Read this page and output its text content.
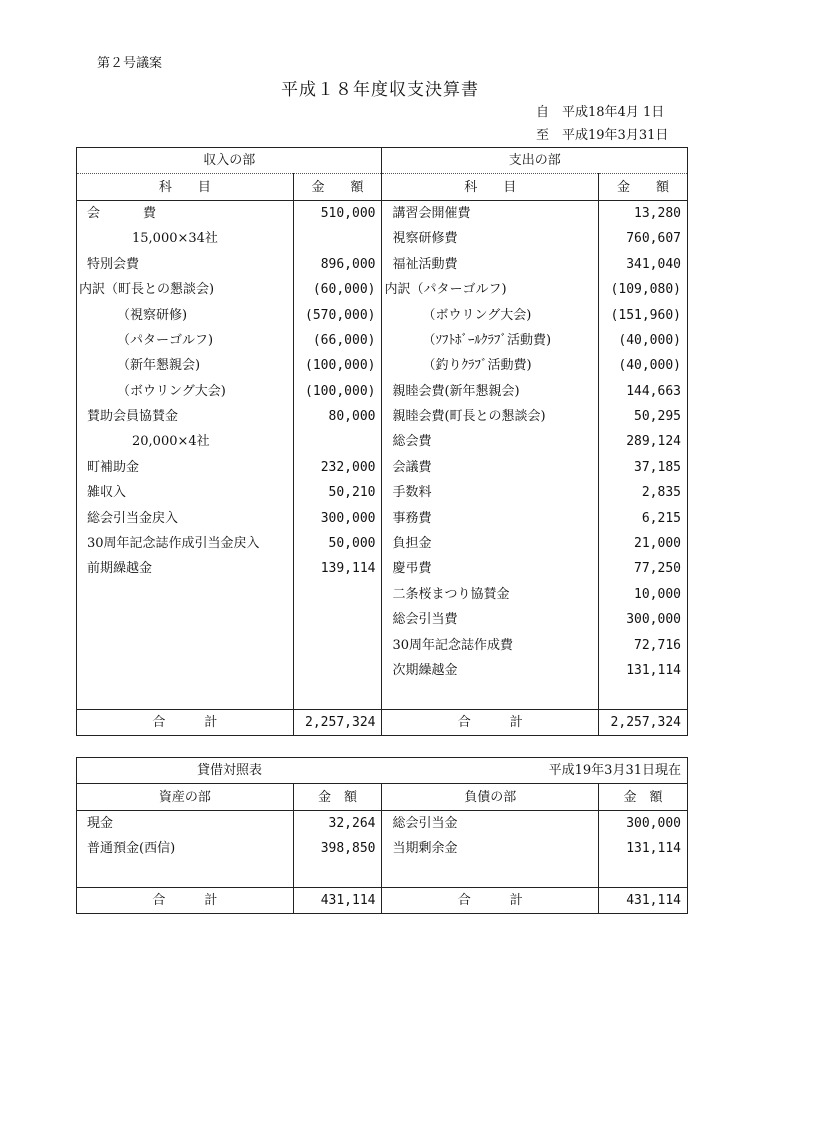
第２号議案
平成１８年度収支決算書
自　平成18年4月 1日
至　平成19年3月31日
収入の部		支出の部	
科　　目	金　　額	科　　目	金　　額
会　　　費	510,000	講習会開催費	13,280
15,000×34社		視察研修費	760,607
特別会費	896,000	福祉活動費	341,040
内訳（町長との懇談会)	(60,000)	内訳（パターゴルフ)	(109,080)
（視察研修)	(570,000)	（ボウリング大会)	(151,960)
（パターゴルフ)	(66,000)	（ｿﾌﾄﾎﾞｰﾙｸﾗﾌﾞ活動費)	(40,000)
（新年懇親会)	(100,000)	（釣りｸﾗﾌﾞ活動費)	(40,000)
（ボウリング大会)	(100,000)	親睦会費(新年懇親会)	144,663
賛助会員協賛金	80,000	親睦会費(町長との懇談会)	50,295
20,000×4社		総会費	289,124
町補助金	232,000	会議費	37,185
雑収入	50,210	手数料	2,835
総会引当金戻入	300,000	事務費	6,215
30周年記念誌作成引当金戻入	50,000	負担金	21,000
前期繰越金	139,114	慶弔費	77,250
		二条桜まつり協賛金	10,000
		総会引当費	300,000
		30周年記念誌作成費	72,716
		次期繰越金	131,114

合　　　計	2,257,324	合　　　計	2,257,324
貸借対照表		平成19年3月31日現在	
資産の部	金　額	負債の部	金　額
現金	32,264	総会引当金	300,000
普通預金(西信)	398,850	当期剰余金	131,114

合　　　計	431,114	合　　　計	431,114
